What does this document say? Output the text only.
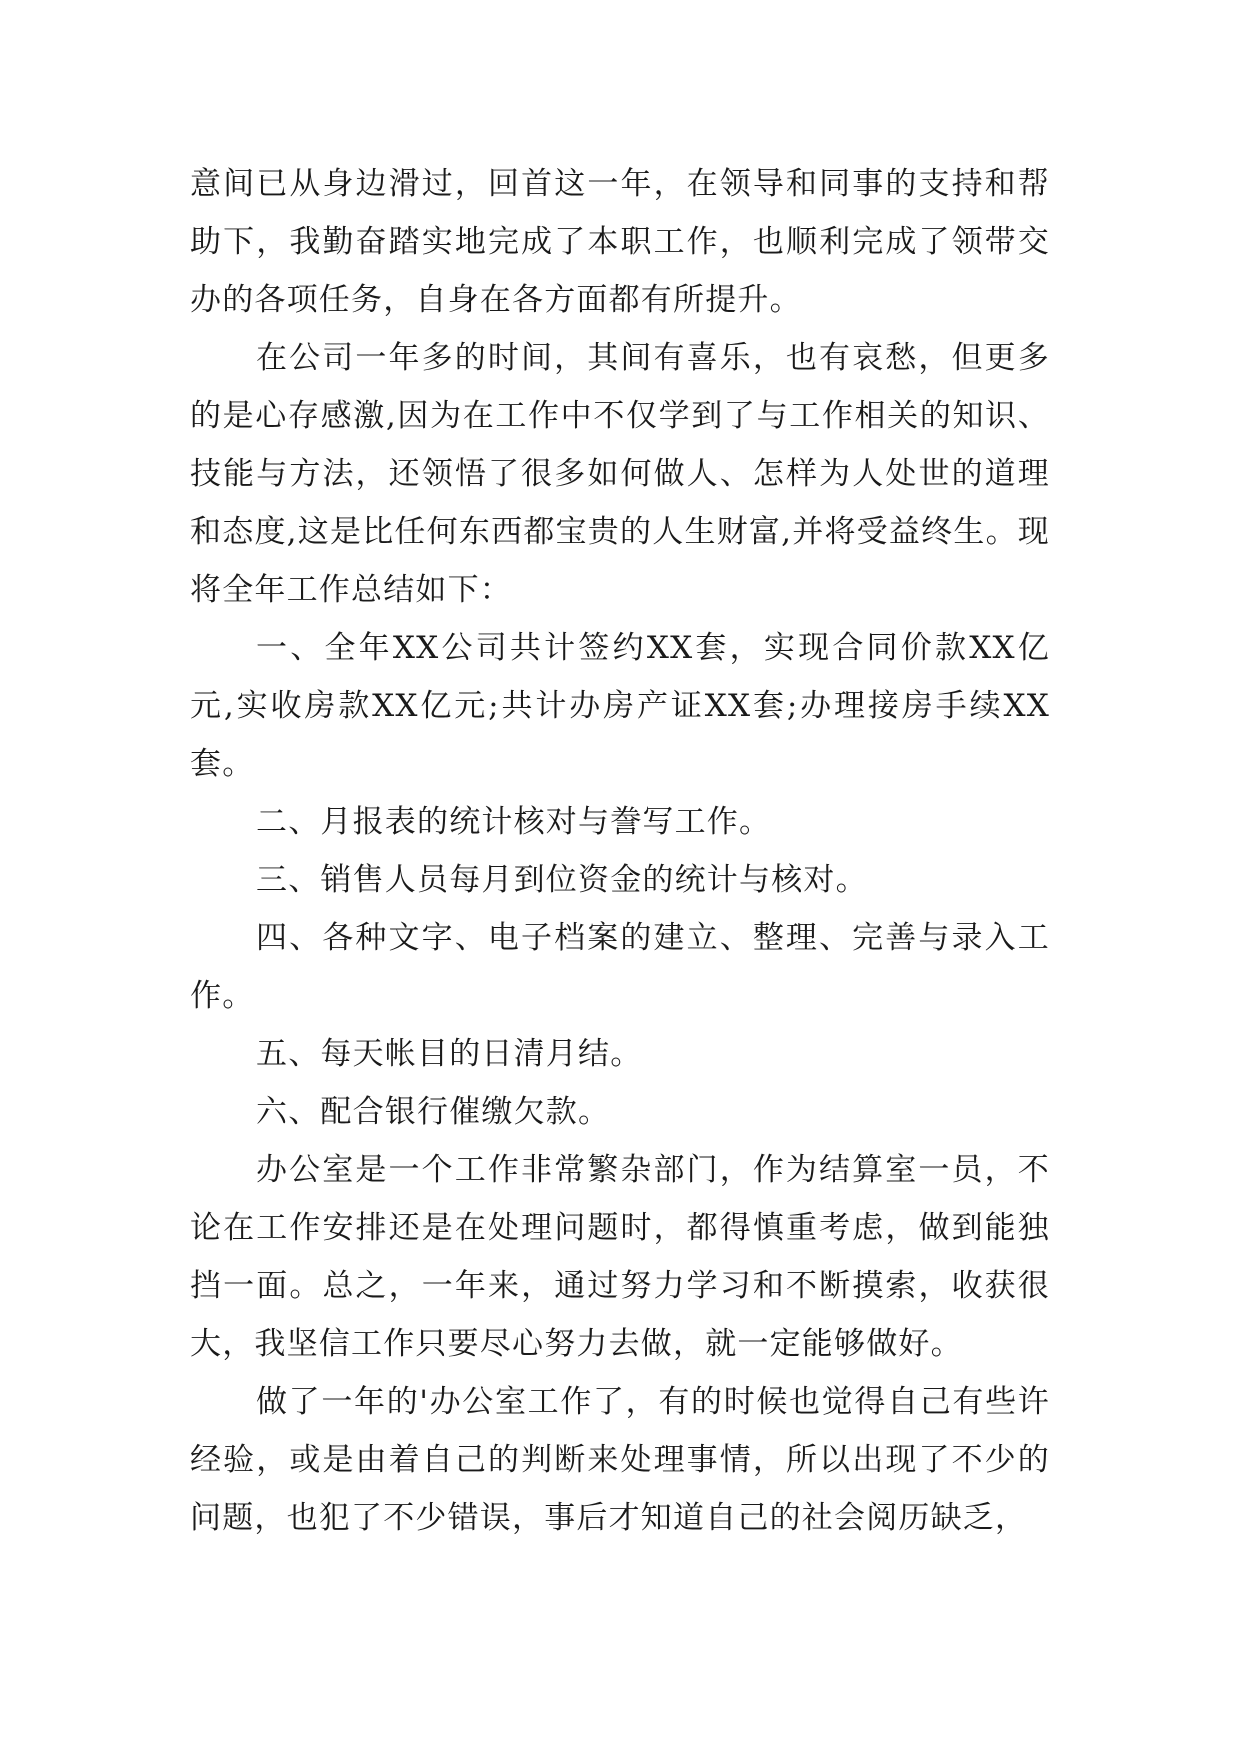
意间已从身边滑过，回首这一年，在领导和同事的支持和帮助下，我勤奋踏实地完成了本职工作，也顺利完成了领带交办的各项任务，自身在各方面都有所提升。

在公司一年多的时间，其间有喜乐，也有哀愁，但更多的是心存感激,因为在工作中不仅学到了与工作相关的知识、技能与方法，还领悟了很多如何做人、怎样为人处世的道理和态度,这是比任何东西都宝贵的人生财富,并将受益终生。现将全年工作总结如下：

一、全年XX公司共计签约XX套，实现合同价款XX亿元,实收房款XX亿元;共计办房产证XX套;办理接房手续XX套。

二、月报表的统计核对与誊写工作。

三、销售人员每月到位资金的统计与核对。

四、各种文字、电子档案的建立、整理、完善与录入工作。

五、每天帐目的日清月结。

六、配合银行催缴欠款。

办公室是一个工作非常繁杂部门，作为结算室一员，不论在工作安排还是在处理问题时，都得慎重考虑，做到能独挡一面。总之，一年来，通过努力学习和不断摸索，收获很大，我坚信工作只要尽心努力去做，就一定能够做好。

做了一年的'办公室工作了，有的时候也觉得自己有些许经验，或是由着自己的判断来处理事情，所以出现了不少的问题，也犯了不少错误，事后才知道自己的社会阅历缺乏，
